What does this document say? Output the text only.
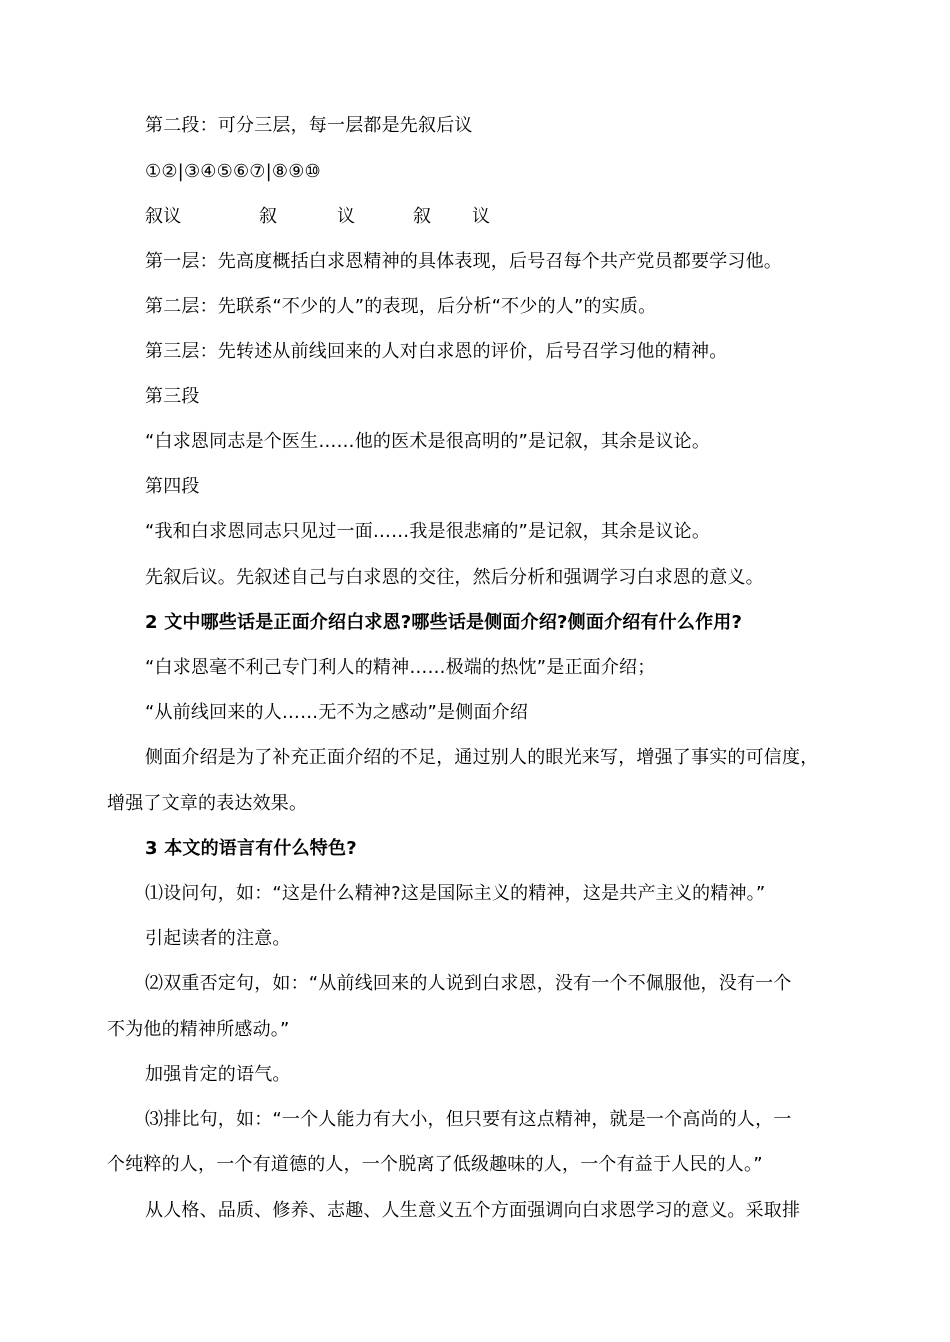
第二段：可分三层，每一层都是先叙后议
①②|③④⑤⑥⑦|⑧⑨⑩
叙议	叙	议	叙 议
第一层：先高度概括白求恩精神的具体表现，后号召每个共产党员都要学习他。
第二层：先联系“不少的人”的表现，后分析“不少的人”的实质。
第三层：先转述从前线回来的人对白求恩的评价，后号召学习他的精神。
第三段
“白求恩同志是个医生……他的医术是很高明的”是记叙，其余是议论。
第四段
“我和白求恩同志只见过一面……我是很悲痛的”是记叙，其余是议论。
先叙后议。先叙述自己与白求恩的交往，然后分析和强调学习白求恩的意义。
2 文中哪些话是正面介绍白求恩?哪些话是侧面介绍?侧面介绍有什么作用?
“白求恩毫不利己专门利人的精神……极端的热忱”是正面介绍；
“从前线回来的人……无不为之感动”是侧面介绍
侧面介绍是为了补充正面介绍的不足，通过别人的眼光来写，增强了事实的可信度，
增强了文章的表达效果。
3 本文的语言有什么特色?
⑴设问句，如：“这是什么精神?这是国际主义的精神，这是共产主义的精神。”
引起读者的注意。
⑵双重否定句，如：“从前线回来的人说到白求恩，没有一个不佩服他，没有一个
不为他的精神所感动。”
加强肯定的语气。
⑶排比句，如：“一个人能力有大小，但只要有这点精神，就是一个高尚的人，一
个纯粹的人，一个有道德的人，一个脱离了低级趣味的人，一个有益于人民的人。”
从人格、品质、修养、志趣、人生意义五个方面强调向白求恩学习的意义。采取排
